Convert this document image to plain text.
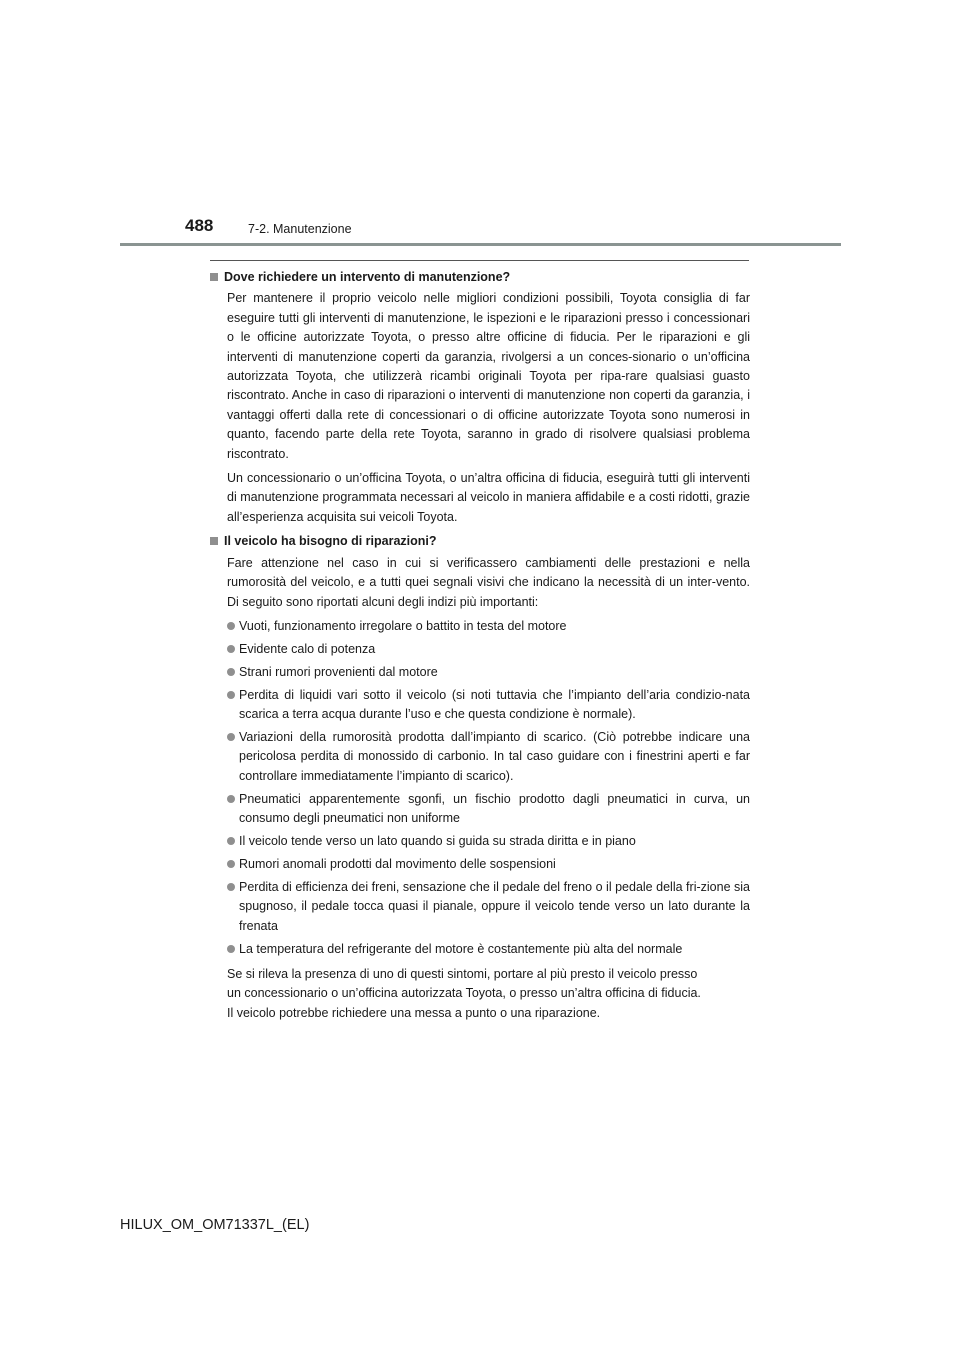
488	7-2. Manutenzione
Dove richiedere un intervento di manutenzione?

Per mantenere il proprio veicolo nelle migliori condizioni possibili, Toyota consiglia di far eseguire tutti gli interventi di manutenzione, le ispezioni e le riparazioni presso i concessionari o le officine autorizzate Toyota, o presso altre officine di fiducia. Per le riparazioni e gli interventi di manutenzione coperti da garanzia, rivolgersi a un conces-sionario o un’officina autorizzata Toyota, che utilizzerà ricambi originali Toyota per ripa-rare qualsiasi guasto riscontrato. Anche in caso di riparazioni o interventi di manutenzione non coperti da garanzia, i vantaggi offerti dalla rete di concessionari o di officine autorizzate Toyota sono numerosi in quanto, facendo parte della rete Toyota, saranno in grado di risolvere qualsiasi problema riscontrato.

Un concessionario o un’officina Toyota, o un’altra officina di fiducia, eseguirà tutti gli interventi di manutenzione programmata necessari al veicolo in maniera affidabile e a costi ridotti, grazie all’esperienza acquisita sui veicoli Toyota.

Il veicolo ha bisogno di riparazioni?

Fare attenzione nel caso in cui si verificassero cambiamenti delle prestazioni e nella rumorosità del veicolo, e a tutti quei segnali visivi che indicano la necessità di un inter-vento. Di seguito sono riportati alcuni degli indizi più importanti:

Vuoti, funzionamento irregolare o battito in testa del motore
Evidente calo di potenza
Strani rumori provenienti dal motore
Perdita di liquidi vari sotto il veicolo (si noti tuttavia che l’impianto dell’aria condizio-nata scarica a terra acqua durante l’uso e che questa condizione è normale).
Variazioni della rumorosità prodotta dall’impianto di scarico. (Ciò potrebbe indicare una pericolosa perdita di monossido di carbonio. In tal caso guidare con i finestrini aperti e far controllare immediatamente l’impianto di scarico).
Pneumatici apparentemente sgonfi, un fischio prodotto dagli pneumatici in curva, un consumo degli pneumatici non uniforme
Il veicolo tende verso un lato quando si guida su strada diritta e in piano
Rumori anomali prodotti dal movimento delle sospensioni
Perdita di efficienza dei freni, sensazione che il pedale del freno o il pedale della fri-zione sia spugnoso, il pedale tocca quasi il pianale, oppure il veicolo tende verso un lato durante la frenata
La temperatura del refrigerante del motore è costantemente più alta del normale
Se si rileva la presenza di uno di questi sintomi, portare al più presto il veicolo presso
un concessionario o un’officina autorizzata Toyota, o presso un’altra officina di fiducia.
Il veicolo potrebbe richiedere una messa a punto o una riparazione.
HILUX_OM_OM71337L_(EL)
